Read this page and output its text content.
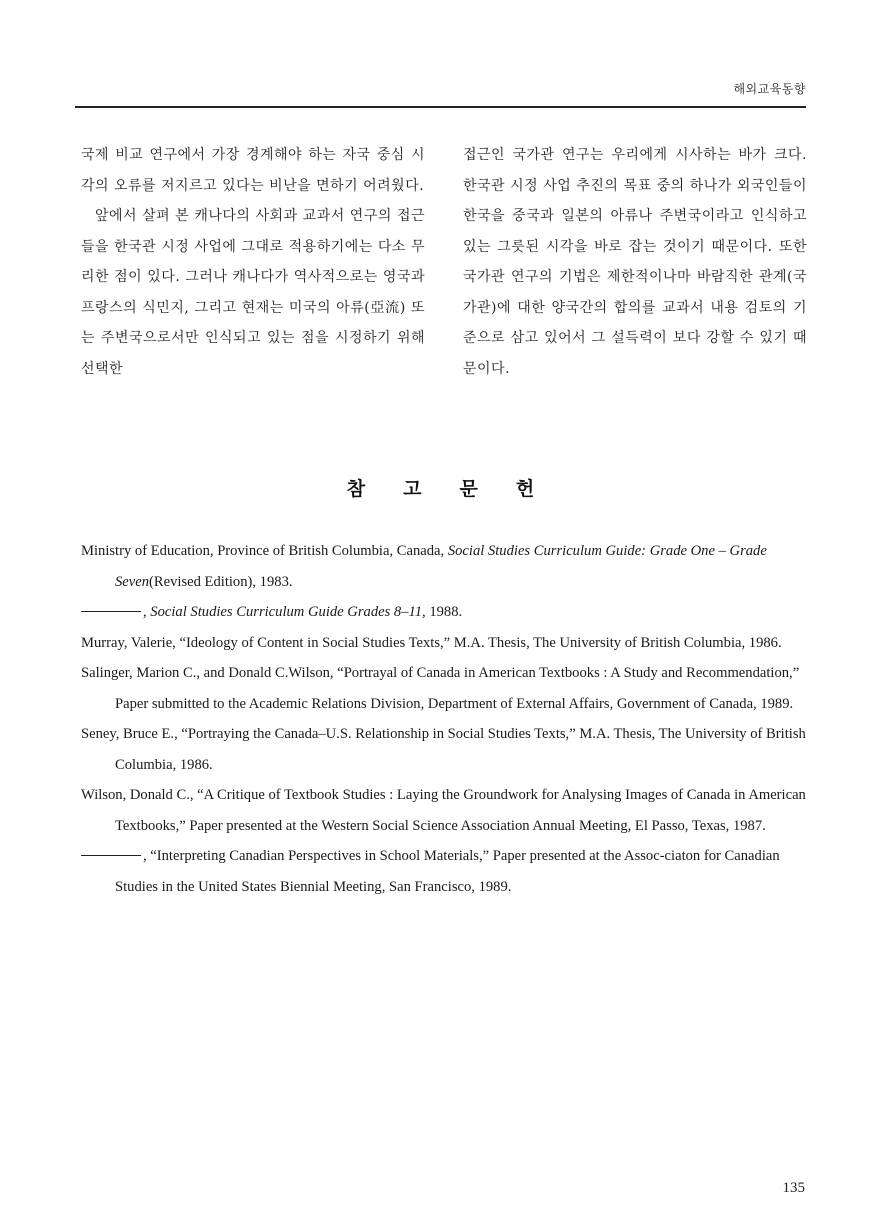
해외교육동향

국제 비교 연구에서 가장 경계해야 하는 자국 중심 시각의 오류를 저지르고 있다는 비난을 면하기 어려웠다.

앞에서 살펴 본 캐나다의 사회과 교과서 연구의 접근들을 한국관 시정 사업에 그대로 적용하기에는 다소 무리한 점이 있다. 그러나 캐나다가 역사적으로는 영국과 프랑스의 식민지, 그리고 현재는 미국의 아류(亞流) 또는 주변국으로서만 인식되고 있는 점을 시정하기 위해 선택한

접근인 국가관 연구는 우리에게 시사하는 바가 크다. 한국관 시정 사업 추진의 목표 중의 하나가 외국인들이 한국을 중국과 일본의 아류나 주변국이라고 인식하고 있는 그릇된 시각을 바로 잡는 것이기 때문이다. 또한 국가관 연구의 기법은 제한적이나마 바람직한 관계(국가관)에 대한 양국간의 합의를 교과서 내용 검토의 기준으로 삼고 있어서 그 설득력이 보다 강할 수 있기 때문이다.

참고문헌

Ministry of Education, Province of British Columbia, Canada, Social Studies Curriculum Guide: Grade One – Grade Seven(Revised Edition), 1983.

, Social Studies Curriculum Guide Grades 8–11, 1988.

Murray, Valerie, “Ideology of Content in Social Studies Texts,” M.A. Thesis, The University of British Columbia, 1986.

Salinger, Marion C., and Donald C.Wilson, “Portrayal of Canada in American Textbooks : A Study and Recommendation,” Paper submitted to the Academic Relations Division, Department of External Affairs, Government of Canada, 1989.

Seney, Bruce E., “Portraying the Canada–U.S. Relationship in Social Studies Texts,” M.A. Thesis, The University of British Columbia, 1986.

Wilson, Donald C., “A Critique of Textbook Studies : Laying the Groundwork for Analysing Images of Canada in American Textbooks,” Paper presented at the Western Social Science Association Annual Meeting, El Passo, Texas, 1987.

, “Interpreting Canadian Perspectives in School Materials,” Paper presented at the Assoc-ciaton for Canadian Studies in the United States Biennial Meeting, San Francisco, 1989.

135
